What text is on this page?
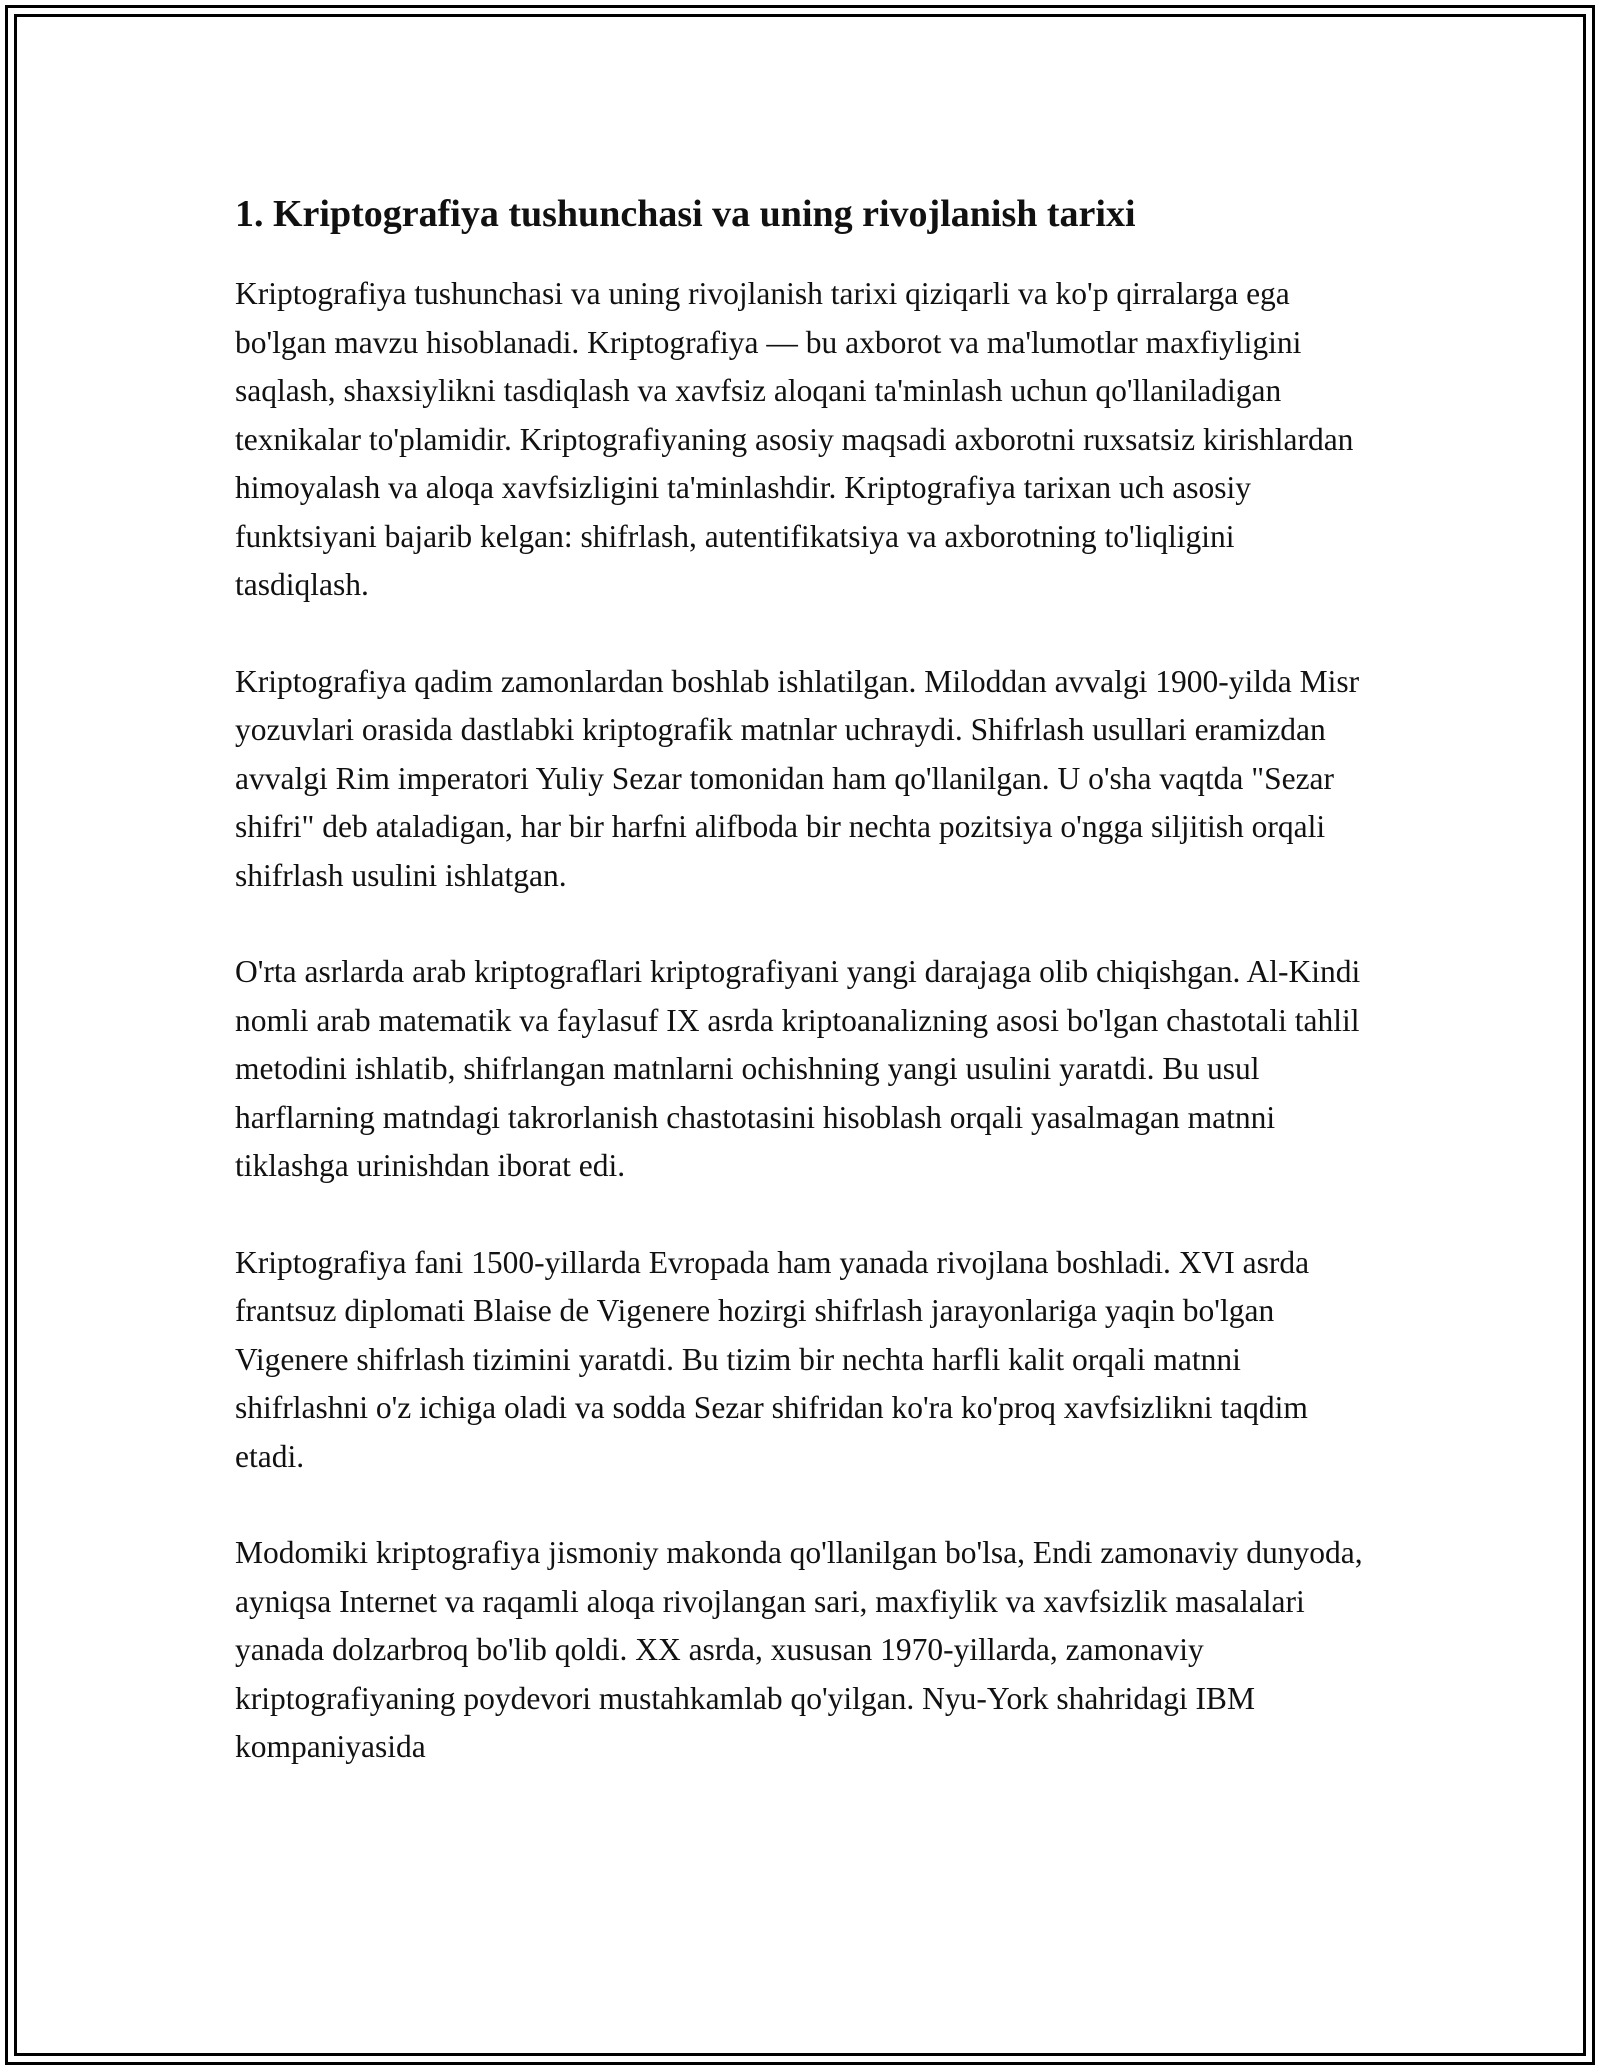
1. Kriptografiya tushunchasi va uning rivojlanish tarixi

Kriptografiya tushunchasi va uning rivojlanish tarixi qiziqarli va ko'p qirralarga ega bo'lgan mavzu hisoblanadi. Kriptografiya — bu axborot va ma'lumotlar maxfiyligini saqlash, shaxsiylikni tasdiqlash va xavfsiz aloqani ta'minlash uchun qo'llaniladigan texnikalar to'plamidir. Kriptografiyaning asosiy maqsadi axborotni ruxsatsiz kirishlardan himoyalash va aloqa xavfsizligini ta'minlashdir. Kriptografiya tarixan uch asosiy funktsiyani bajarib kelgan: shifrlash, autentifikatsiya va axborotning to'liqligini tasdiqlash.

Kriptografiya qadim zamonlardan boshlab ishlatilgan. Miloddan avvalgi 1900-yilda Misr yozuvlari orasida dastlabki kriptografik matnlar uchraydi. Shifrlash usullari eramizdan avvalgi Rim imperatori Yuliy Sezar tomonidan ham qo'llanilgan. U o'sha vaqtda "Sezar shifri" deb ataladigan, har bir harfni alifboda bir nechta pozitsiya o'ngga siljitish orqali shifrlash usulini ishlatgan.

O'rta asrlarda arab kriptograflari kriptografiyani yangi darajaga olib chiqishgan. Al-Kindi nomli arab matematik va faylasuf IX asrda kriptoanalizning asosi bo'lgan chastotali tahlil metodini ishlatib, shifrlangan matnlarni ochishning yangi usulini yaratdi. Bu usul harflarning matndagi takrorlanish chastotasini hisoblash orqali yasalmagan matnni tiklashga urinishdan iborat edi.

Kriptografiya fani 1500-yillarda Evropada ham yanada rivojlana boshladi. XVI asrda frantsuz diplomati Blaise de Vigenere hozirgi shifrlash jarayonlariga yaqin bo'lgan Vigenere shifrlash tizimini yaratdi. Bu tizim bir nechta harfli kalit orqali matnni shifrlashni o'z ichiga oladi va sodda Sezar shifridan ko'ra ko'proq xavfsizlikni taqdim etadi.

Modomiki kriptografiya jismoniy makonda qo'llanilgan bo'lsa, Endi zamonaviy dunyoda, ayniqsa Internet va raqamli aloqa rivojlangan sari, maxfiylik va xavfsizlik masalalari yanada dolzarbroq bo'lib qoldi. XX asrda, xususan 1970-yillarda, zamonaviy kriptografiyaning poydevori mustahkamlab qo'yilgan. Nyu-York shahridagi IBM kompaniyasida
